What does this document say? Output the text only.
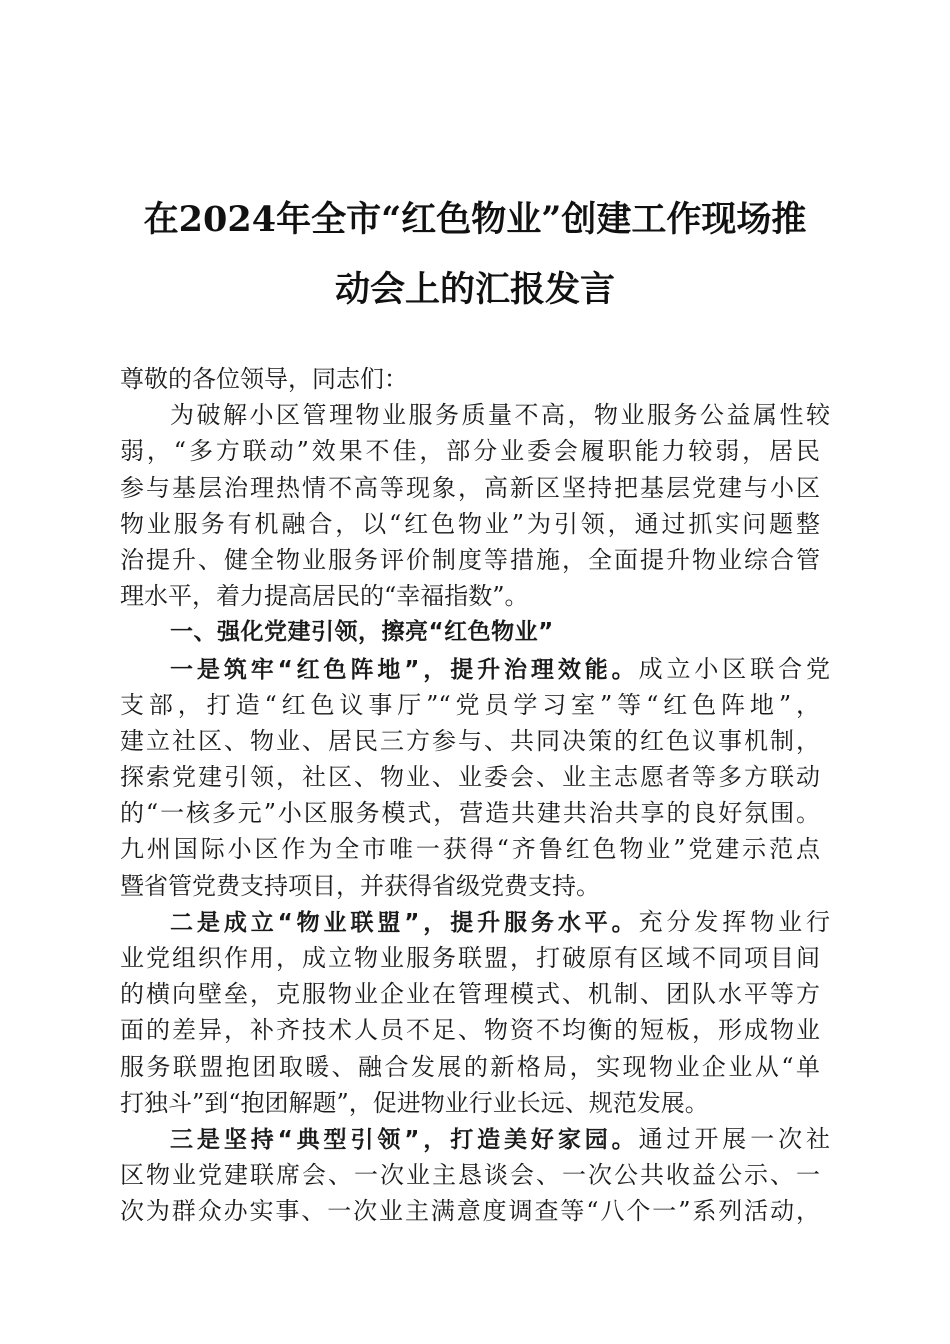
在2024年全市“红色物业”创建工作现场推
动会上的汇报发言
尊敬的各位领导，同志们：
为破解小区管理物业服务质量不高，物业服务公益属性较
弱，“多方联动”效果不佳，部分业委会履职能力较弱，居民
参与基层治理热情不高等现象，高新区坚持把基层党建与小区
物业服务有机融合，以“红色物业”为引领，通过抓实问题整
治提升、健全物业服务评价制度等措施，全面提升物业综合管
理水平，着力提高居民的“幸福指数”。
一、强化党建引领，擦亮“红色物业”
一是筑牢“红色阵地”，提升治理效能。成立小区联合党
支部，打造“红色议事厅”“党员学习室”等“红色阵地”，
建立社区、物业、居民三方参与、共同决策的红色议事机制，
探索党建引领，社区、物业、业委会、业主志愿者等多方联动
的“一核多元”小区服务模式，营造共建共治共享的良好氛围。
九州国际小区作为全市唯一获得“齐鲁红色物业”党建示范点
暨省管党费支持项目，并获得省级党费支持。
二是成立“物业联盟”，提升服务水平。充分发挥物业行
业党组织作用，成立物业服务联盟，打破原有区域不同项目间
的横向壁垒，克服物业企业在管理模式、机制、团队水平等方
面的差异，补齐技术人员不足、物资不均衡的短板，形成物业
服务联盟抱团取暖、融合发展的新格局，实现物业企业从“单
打独斗”到“抱团解题”，促进物业行业长远、规范发展。
三是坚持“典型引领”，打造美好家园。通过开展一次社
区物业党建联席会、一次业主恳谈会、一次公共收益公示、一
次为群众办实事、一次业主满意度调查等“八个一”系列活动，
